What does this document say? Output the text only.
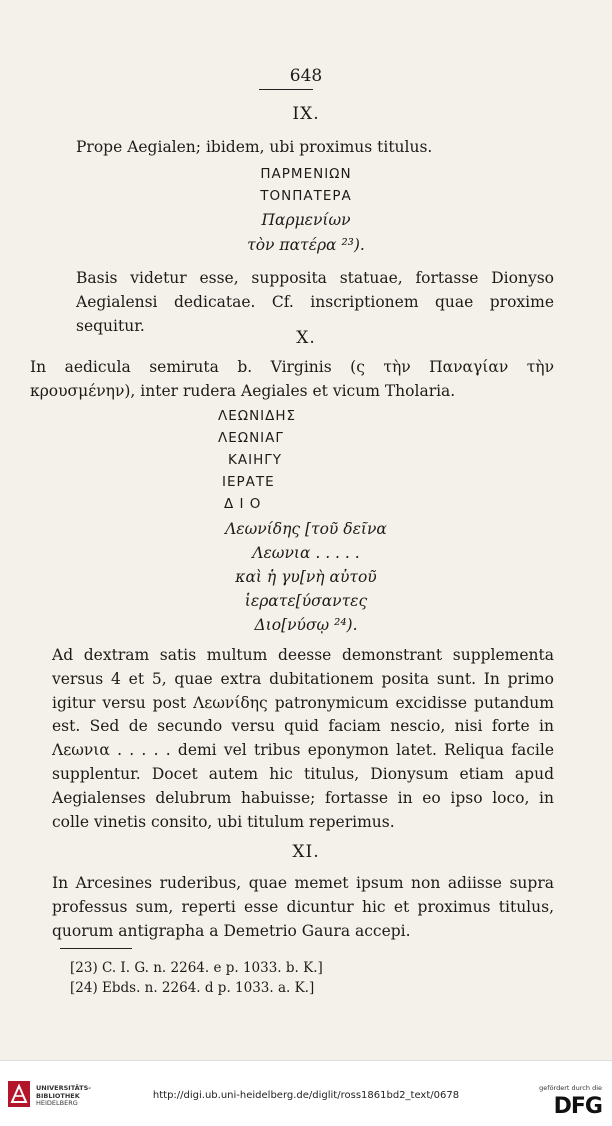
648
IX.
Prope Aegialen; ibidem, ubi proximus titulus.
ΠΑΡΜΕΝΙΩΝ
ΤΟΝΠΑΤΕΡΑ
Παρμενίων
τὸν πατέρα ²³).
Basis videtur esse, supposita statuae, fortasse Dionyso Aegialensi dedicatae. Cf. inscriptionem quae proxime sequitur.
X.
In aedicula semiruta b. Virginis (ς τὴν Παναγίαν τὴν κρουσμένην), inter rudera Aegiales et vicum Tholaria.
ΛΕΩΝΙΔΗΣ
ΛΕΩΝΙΑΓ
ΚΑΙΗΓΥ
ΙΕΡΑΤΕ
Δ Ι Ο
Λεωνίδης [τοῦ δεῖνα
Λεωνια . . . . .
καὶ ἡ γυ[νὴ αὐτοῦ
ἱερατε[ύσαντες
Διο[νύσῳ ²⁴).
Ad dextram satis multum deesse demonstrant supplementa versus 4 et 5, quae extra dubitationem posita sunt. In primo igitur versu post Λεωνίδης patronymicum excidisse putandum est. Sed de secundo versu quid faciam nescio, nisi forte in Λεωνια . . . . . demi vel tribus eponymon latet. Reliqua facile supplentur. Docet autem hic titulus, Dionysum etiam apud Aegialenses delubrum habuisse; fortasse in eo ipso loco, in colle vinetis consito, ubi titulum reperimus.
XI.
In Arcesines ruderibus, quae memet ipsum non adiisse supra professus sum, reperti esse dicuntur hic et proximus titulus, quorum antigrapha a Demetrio Gaura accepi.
[23) C. I. G. n. 2264. e p. 1033. b. K.]
[24) Ebds. n. 2264. d p. 1033. a. K.]
UNIVERSITÄTS-
BIBLIOTHEK
HEIDELBERG
http://digi.ub.uni-heidelberg.de/diglit/ross1861bd2_text/0678
gefördert durch die
DFG
